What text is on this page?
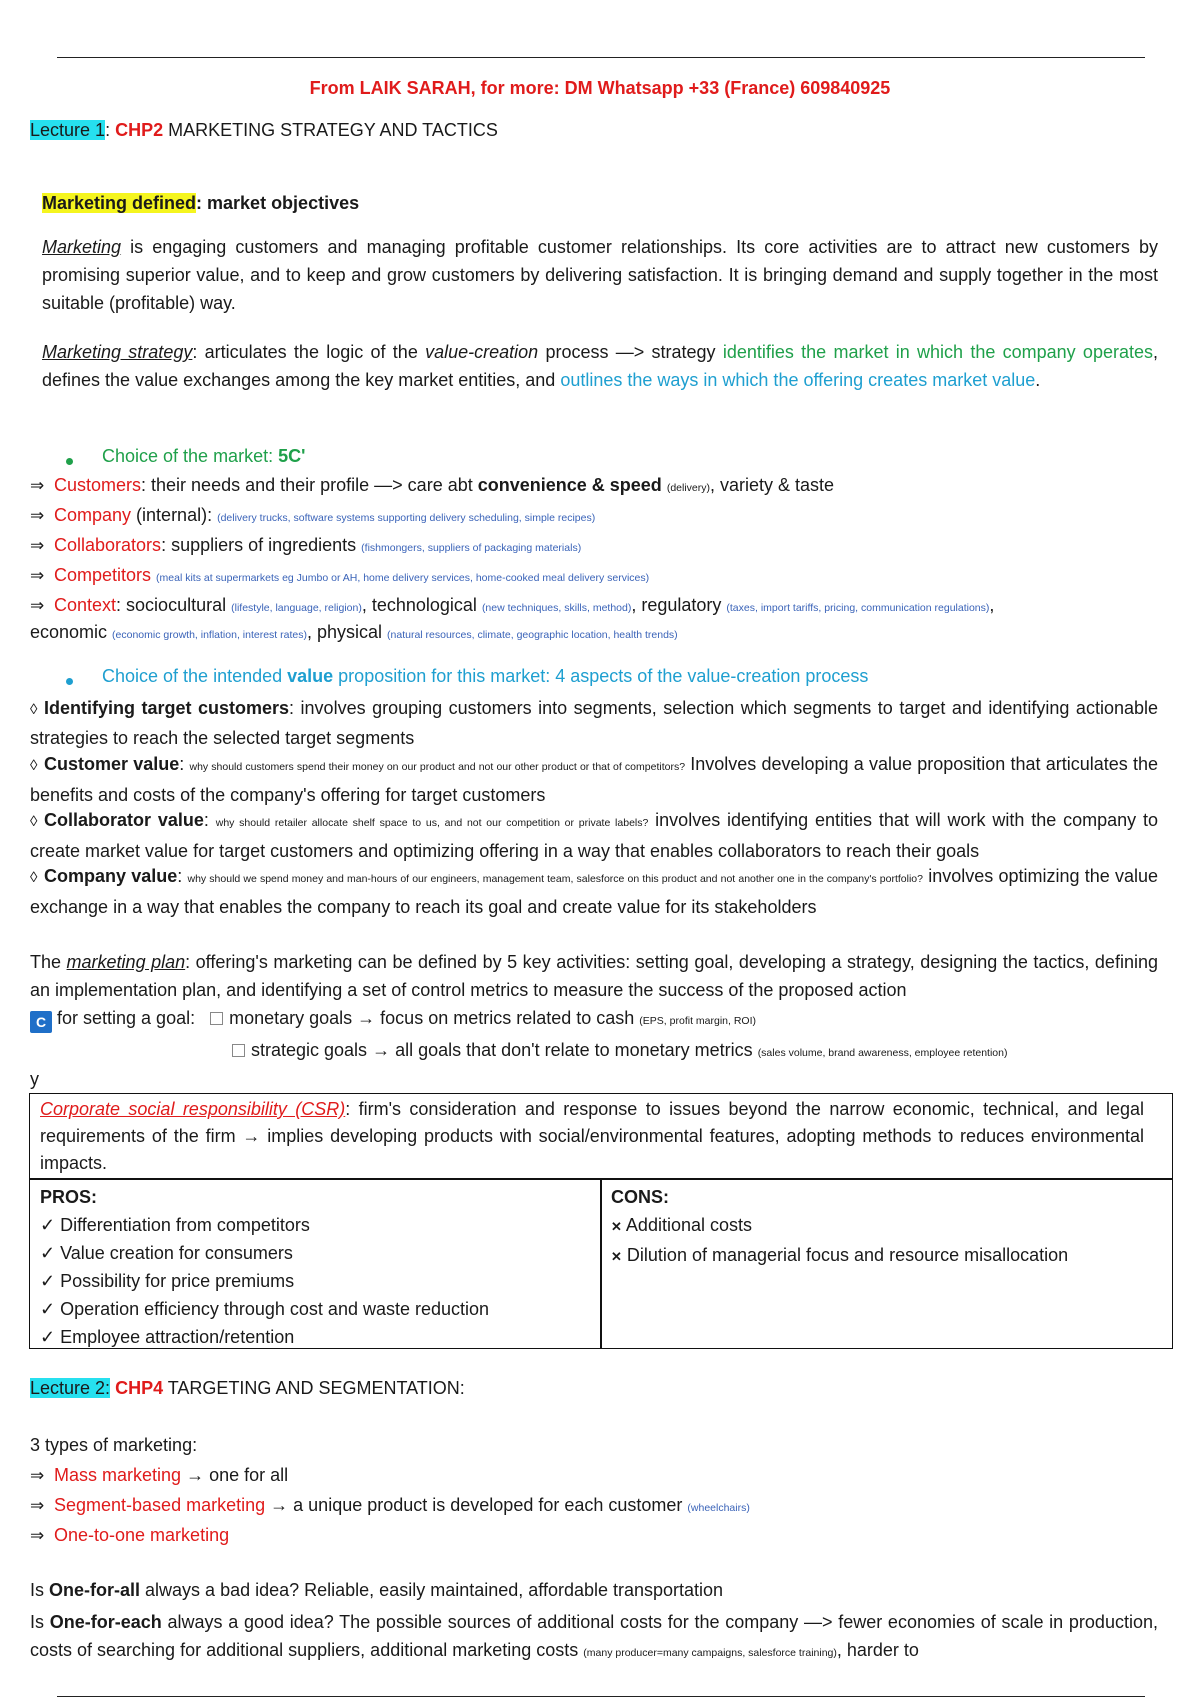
From LAIK SARAH, for more: DM Whatsapp +33 (France) 609840925
Lecture 1: CHP2 MARKETING STRATEGY AND TACTICS
Marketing defined: market objectives
Marketing is engaging customers and managing profitable customer relationships. Its core activities are to attract new customers by promising superior value, and to keep and grow customers by delivering satisfaction. It is bringing demand and supply together in the most suitable (profitable) way.
Marketing strategy: articulates the logic of the value-creation process —> strategy identifies the market in which the company operates, defines the value exchanges among the key market entities, and outlines the ways in which the offering creates market value.
Choice of the market: 5C'
⇒ Customers: their needs and their profile —> care abt convenience & speed (delivery), variety & taste
⇒ Company (internal): (delivery trucks, software systems supporting delivery scheduling, simple recipes)
⇒ Collaborators: suppliers of ingredients (fishmongers, suppliers of packaging materials)
⇒ Competitors (meal kits at supermarkets eg Jumbo or AH, home delivery services, home-cooked meal delivery services)
⇒ Context: sociocultural (lifestyle, language, religion), technological (new techniques, skills, method), regulatory (taxes, import tariffs, pricing, communication regulations),
economic (economic growth, inflation, interest rates), physical (natural resources, climate, geographic location, health trends)
Choice of the intended value proposition for this market: 4 aspects of the value-creation process
◊ Identifying target customers: involves grouping customers into segments, selection which segments to target and identifying actionable strategies to reach the selected target segments
◊ Customer value: why should customers spend their money on our product and not our other product or that of competitors? Involves developing a value proposition that articulates the benefits and costs of the company's offering for target customers
◊ Collaborator value: why should retailer allocate shelf space to us, and not our competition or private labels? involves identifying entities that will work with the company to create market value for target customers and optimizing offering in a way that enables collaborators to reach their goals
◊ Company value: why should we spend money and man-hours of our engineers, management team, salesforce on this product and not another one in the company's portfolio? involves optimizing the value exchange in a way that enables the company to reach its goal and create value for its stakeholders
The marketing plan: offering's marketing can be defined by 5 key activities: setting goal, developing a strategy, designing the tactics, defining an implementation plan, and identifying a set of control metrics to measure the success of the proposed action
C for setting a goal: monetary goals → focus on metrics related to cash (EPS, profit margin, ROI)
strategic goals → all goals that don't relate to monetary metrics (sales volume, brand awareness, employee retention)
y
Corporate social responsibility (CSR): firm's consideration and response to issues beyond the narrow economic, technical, and legal requirements of the firm → implies developing products with social/environmental features, adopting methods to reduces environmental impacts.
PROS:
✓ Differentiation from competitors
✓ Value creation for consumers
✓ Possibility for price premiums
✓ Operation efficiency through cost and waste reduction
✓ Employee attraction/retention
CONS:
✕ Additional costs
✕ Dilution of managerial focus and resource misallocation
Lecture 2: CHP4 TARGETING AND SEGMENTATION:
3 types of marketing:
⇒ Mass marketing → one for all
⇒ Segment-based marketing → a unique product is developed for each customer (wheelchairs)
⇒ One-to-one marketing
Is One-for-all always a bad idea? Reliable, easily maintained, affordable transportation
Is One-for-each always a good idea? The possible sources of additional costs for the company —> fewer economies of scale in production, costs of searching for additional suppliers, additional marketing costs (many producer=many campaigns, salesforce training), harder to
